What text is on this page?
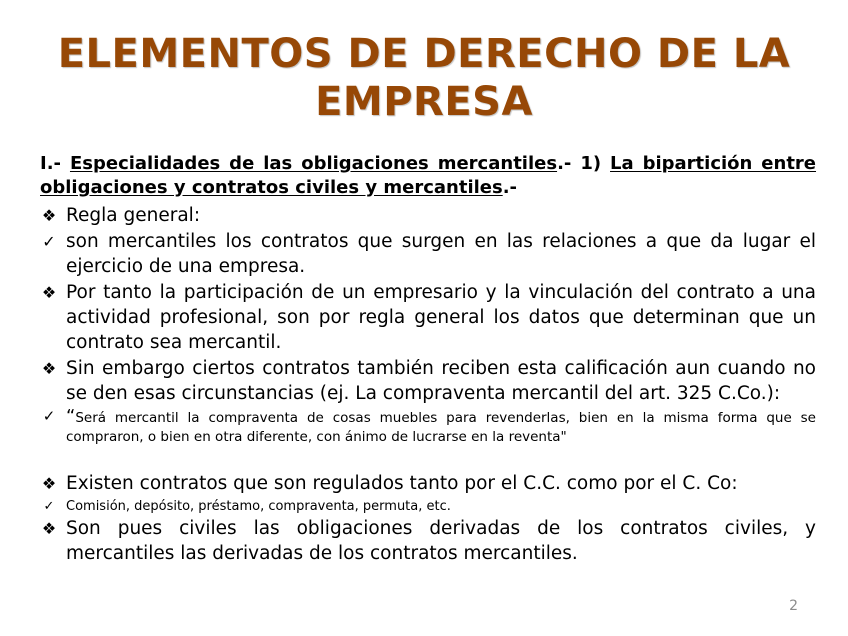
ELEMENTOS DE DERECHO DE LA EMPRESA
I.- Especialidades de las obligaciones mercantiles.- 1) La bipartición entre obligaciones y contratos civiles y mercantiles.-
❖ Regla general:
✓ son mercantiles los contratos que surgen en las relaciones a que da lugar el ejercicio de una empresa.
❖ Por tanto la participación de un empresario y la vinculación del contrato a una actividad profesional, son por regla general los datos que determinan que un contrato sea mercantil.
❖ Sin embargo ciertos contratos también reciben esta calificación aun cuando no se den esas circunstancias (ej. La compraventa mercantil del art. 325 C.Co.):
✓ “Será mercantil la compraventa de cosas muebles para revenderlas, bien en la misma forma que se compraron, o bien en otra diferente, con ánimo de lucrarse en la reventa"
❖ Existen contratos que son regulados tanto por el C.C. como por el C. Co:
✓ Comisión, depósito, préstamo, compraventa, permuta, etc.
❖ Son pues civiles las obligaciones derivadas de los contratos civiles, y mercantiles las derivadas de los contratos mercantiles.
2
